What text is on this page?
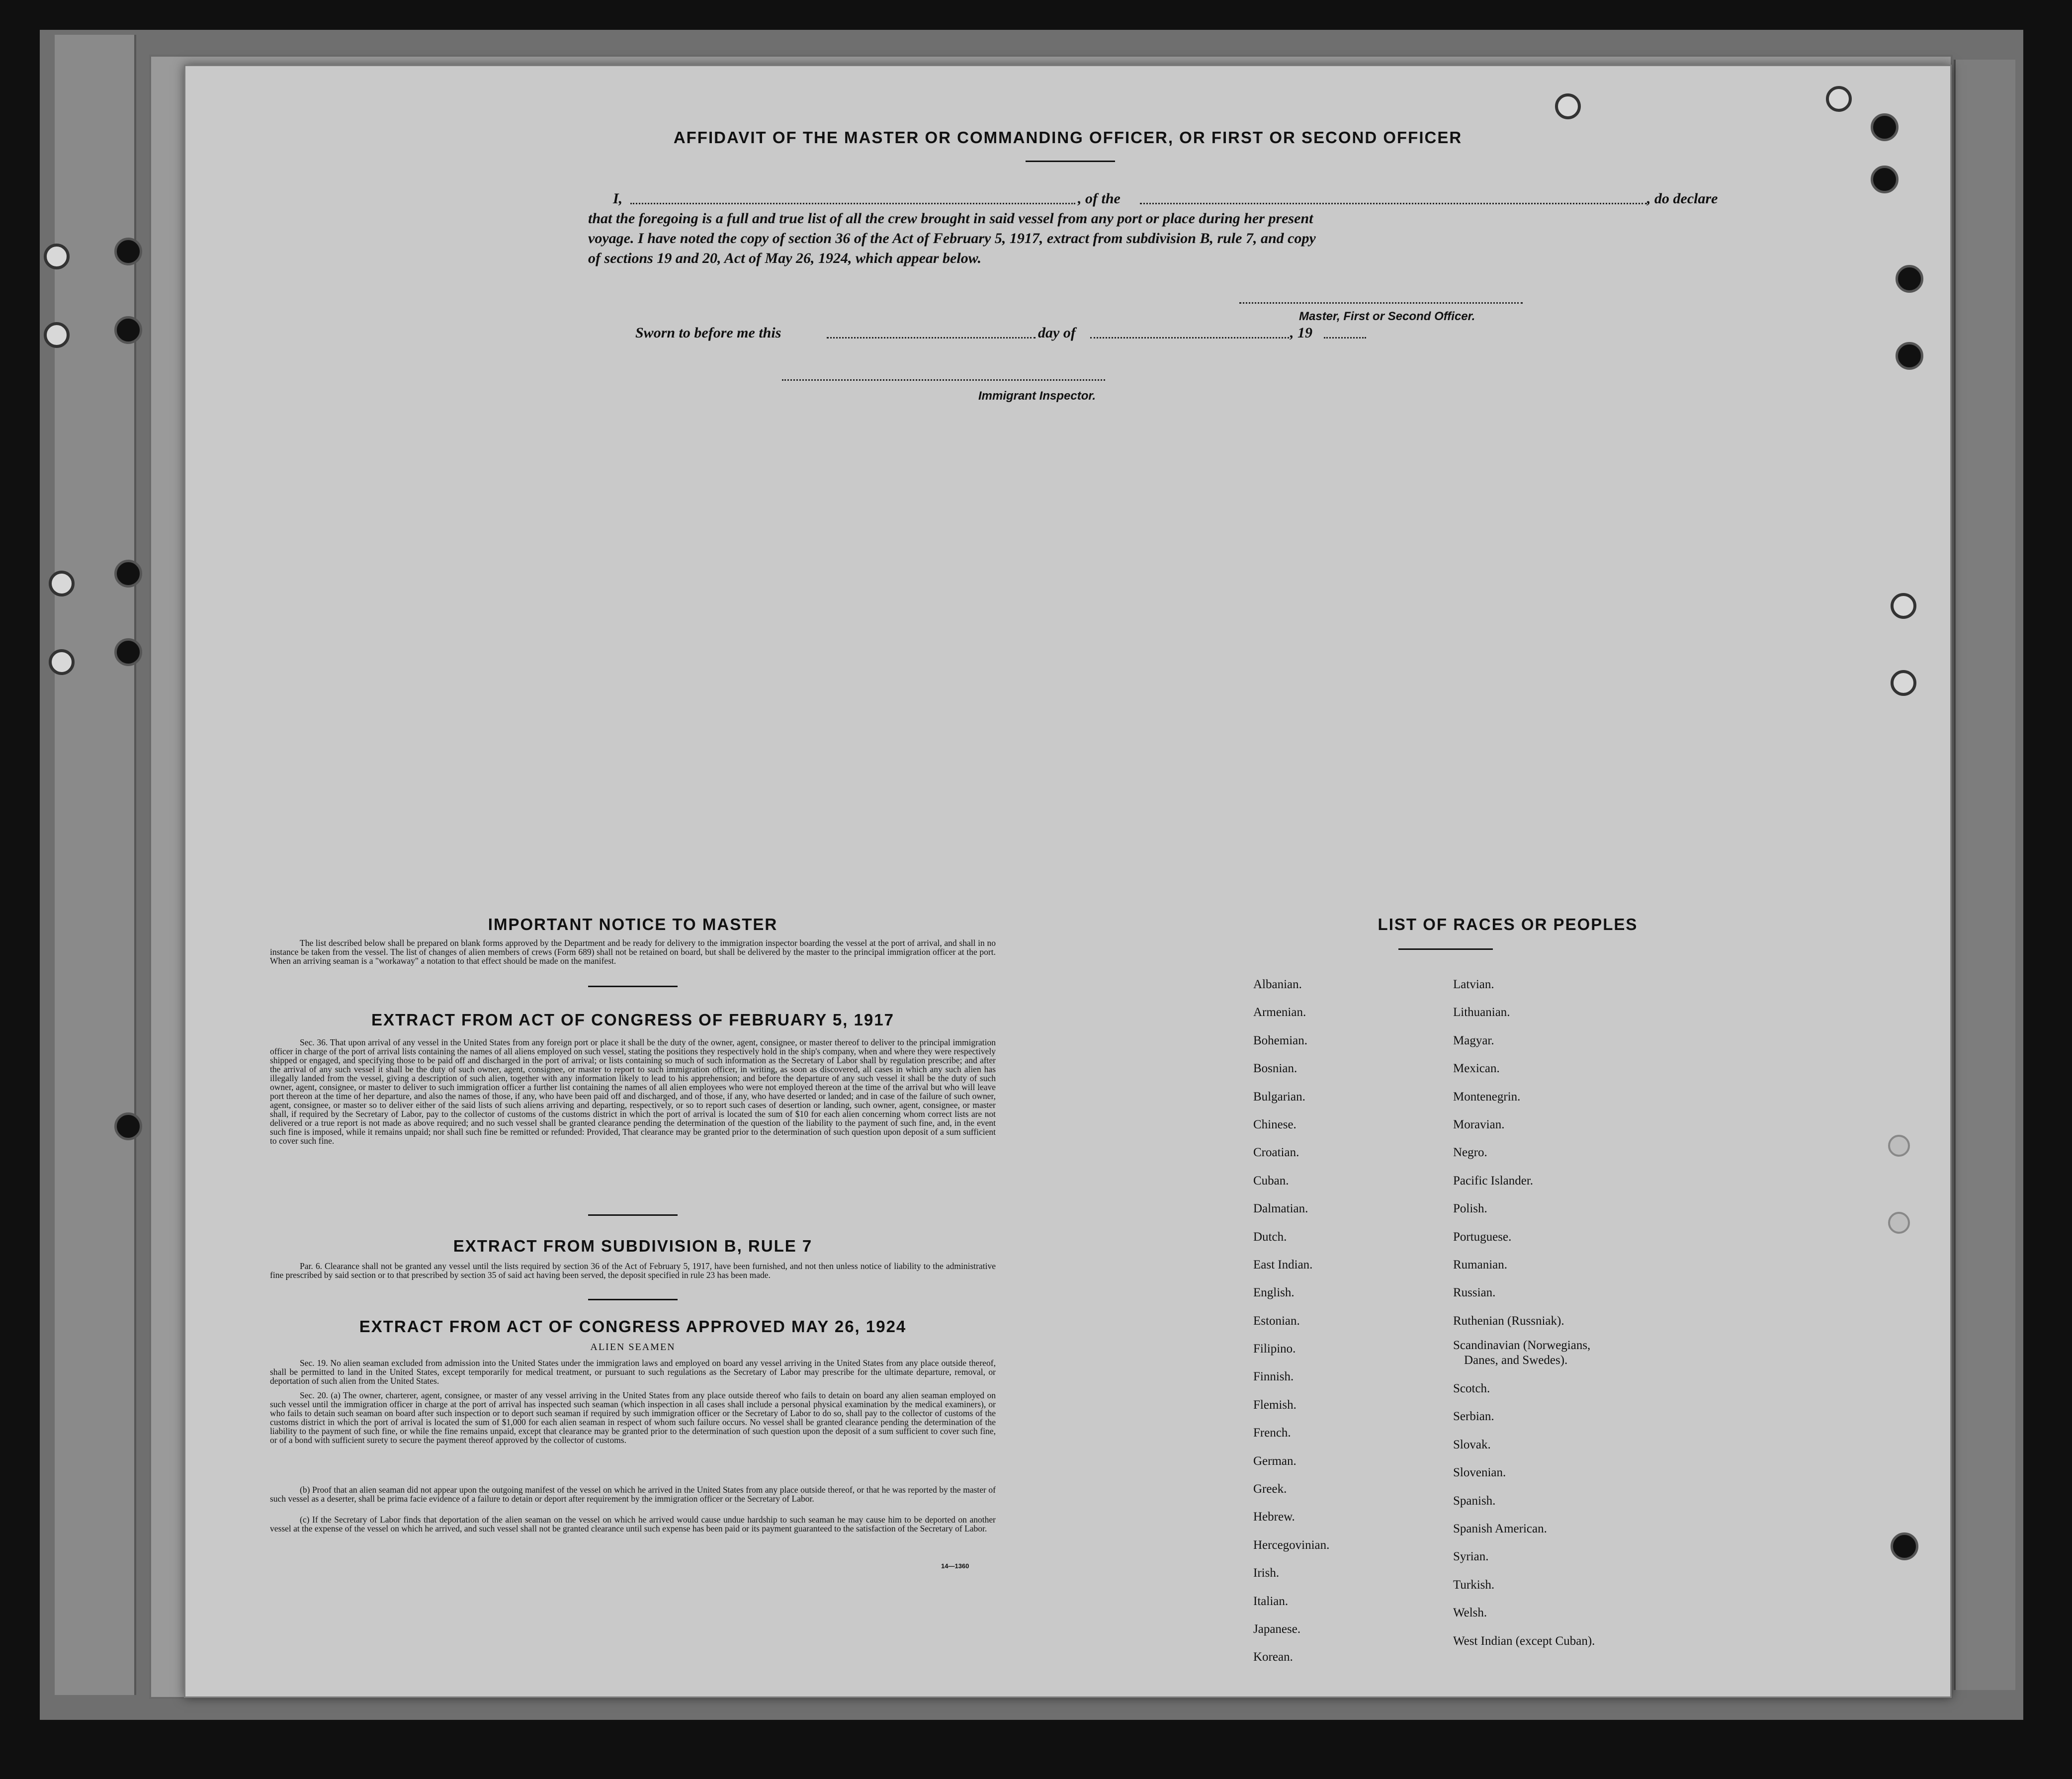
AFFIDAVIT OF THE MASTER OR COMMANDING OFFICER, OR FIRST OR SECOND OFFICER
I,	, of the	, do declare
that the foregoing is a full and true list of all the crew brought in said vessel from any port or place during her present
voyage. I have noted the copy of section 36 of the Act of February 5, 1917, extract from subdivision B, rule 7, and copy
of sections 19 and 20, Act of May 26, 1924, which appear below.
Master, First or Second Officer.
Sworn to before me this	day of	, 19
Immigrant Inspector.
IMPORTANT NOTICE TO MASTER
The list described below shall be prepared on blank forms approved by the Department and be ready for delivery to the immigration inspector boarding the vessel at the port of arrival, and shall in no instance be taken from the vessel. The list of changes of alien members of crews (Form 689) shall not be retained on board, but shall be delivered by the master to the principal immigration officer at the port. When an arriving seaman is a "workaway" a notation to that effect should be made on the manifest.
EXTRACT FROM ACT OF CONGRESS OF FEBRUARY 5, 1917
Sec. 36. That upon arrival of any vessel in the United States from any foreign port or place it shall be the duty of the owner, agent, consignee, or master thereof to deliver to the principal immigration officer in charge of the port of arrival lists containing the names of all aliens employed on such vessel, stating the positions they respectively hold in the ship's company, when and where they were respectively shipped or engaged, and specifying those to be paid off and discharged in the port of arrival; or lists containing so much of such information as the Secretary of Labor shall by regulation prescribe; and after the arrival of any such vessel it shall be the duty of such owner, agent, consignee, or master to report to such immigration officer, in writing, as soon as discovered, all cases in which any such alien has illegally landed from the vessel, giving a description of such alien, together with any information likely to lead to his apprehension; and before the departure of any such vessel it shall be the duty of such owner, agent, consignee, or master to deliver to such immigration officer a further list containing the names of all alien employees who were not employed thereon at the time of the arrival but who will leave port thereon at the time of her departure, and also the names of those, if any, who have been paid off and discharged, and of those, if any, who have deserted or landed; and in case of the failure of such owner, agent, consignee, or master so to deliver either of the said lists of such aliens arriving and departing, respectively, or so to report such cases of desertion or landing, such owner, agent, consignee, or master shall, if required by the Secretary of Labor, pay to the collector of customs of the customs district in which the port of arrival is located the sum of $10 for each alien concerning whom correct lists are not delivered or a true report is not made as above required; and no such vessel shall be granted clearance pending the determination of the question of the liability to the payment of such fine, and, in the event such fine is imposed, while it remains unpaid; nor shall such fine be remitted or refunded: Provided, That clearance may be granted prior to the determination of such question upon deposit of a sum sufficient to cover such fine.
EXTRACT FROM SUBDIVISION B, RULE 7
Par. 6. Clearance shall not be granted any vessel until the lists required by section 36 of the Act of February 5, 1917, have been furnished, and not then unless notice of liability to the administrative fine prescribed by said section or to that prescribed by section 35 of said act having been served, the deposit specified in rule 23 has been made.
EXTRACT FROM ACT OF CONGRESS APPROVED MAY 26, 1924
ALIEN SEAMEN
Sec. 19. No alien seaman excluded from admission into the United States under the immigration laws and employed on board any vessel arriving in the United States from any place outside thereof, shall be permitted to land in the United States, except temporarily for medical treatment, or pursuant to such regulations as the Secretary of Labor may prescribe for the ultimate departure, removal, or deportation of such alien from the United States.
Sec. 20. (a) The owner, charterer, agent, consignee, or master of any vessel arriving in the United States from any place outside thereof who fails to detain on board any alien seaman employed on such vessel until the immigration officer in charge at the port of arrival has inspected such seaman (which inspection in all cases shall include a personal physical examination by the medical examiners), or who fails to detain such seaman on board after such inspection or to deport such seaman if required by such immigration officer or the Secretary of Labor to do so, shall pay to the collector of customs of the customs district in which the port of arrival is located the sum of $1,000 for each alien seaman in respect of whom such failure occurs. No vessel shall be granted clearance pending the determination of the liability to the payment of such fine, or while the fine remains unpaid, except that clearance may be granted prior to the determination of such question upon the deposit of a sum sufficient to cover such fine, or of a bond with sufficient surety to secure the payment thereof approved by the collector of customs.
(b) Proof that an alien seaman did not appear upon the outgoing manifest of the vessel on which he arrived in the United States from any place outside thereof, or that he was reported by the master of such vessel as a deserter, shall be prima facie evidence of a failure to detain or deport after requirement by the immigration officer or the Secretary of Labor.
(c) If the Secretary of Labor finds that deportation of the alien seaman on the vessel on which he arrived would cause undue hardship to such seaman he may cause him to be deported on another vessel at the expense of the vessel on which he arrived, and such vessel shall not be granted clearance until such expense has been paid or its payment guaranteed to the satisfaction of the Secretary of Labor.
14—1360
LIST OF RACES OR PEOPLES
Albanian.
Armenian.
Bohemian.
Bosnian.
Bulgarian.
Chinese.
Croatian.
Cuban.
Dalmatian.
Dutch.
East Indian.
English.
Estonian.
Filipino.
Finnish.
Flemish.
French.
German.
Greek.
Hebrew.
Hercegovinian.
Irish.
Italian.
Japanese.
Korean.
Latvian.
Lithuanian.
Magyar.
Mexican.
Montenegrin.
Moravian.
Negro.
Pacific Islander.
Polish.
Portuguese.
Rumanian.
Russian.
Ruthenian (Russniak).
Scandinavian (Norwegians,
Danes, and Swedes).
Scotch.
Serbian.
Slovak.
Slovenian.
Spanish.
Spanish American.
Syrian.
Turkish.
Welsh.
West Indian (except Cuban).
